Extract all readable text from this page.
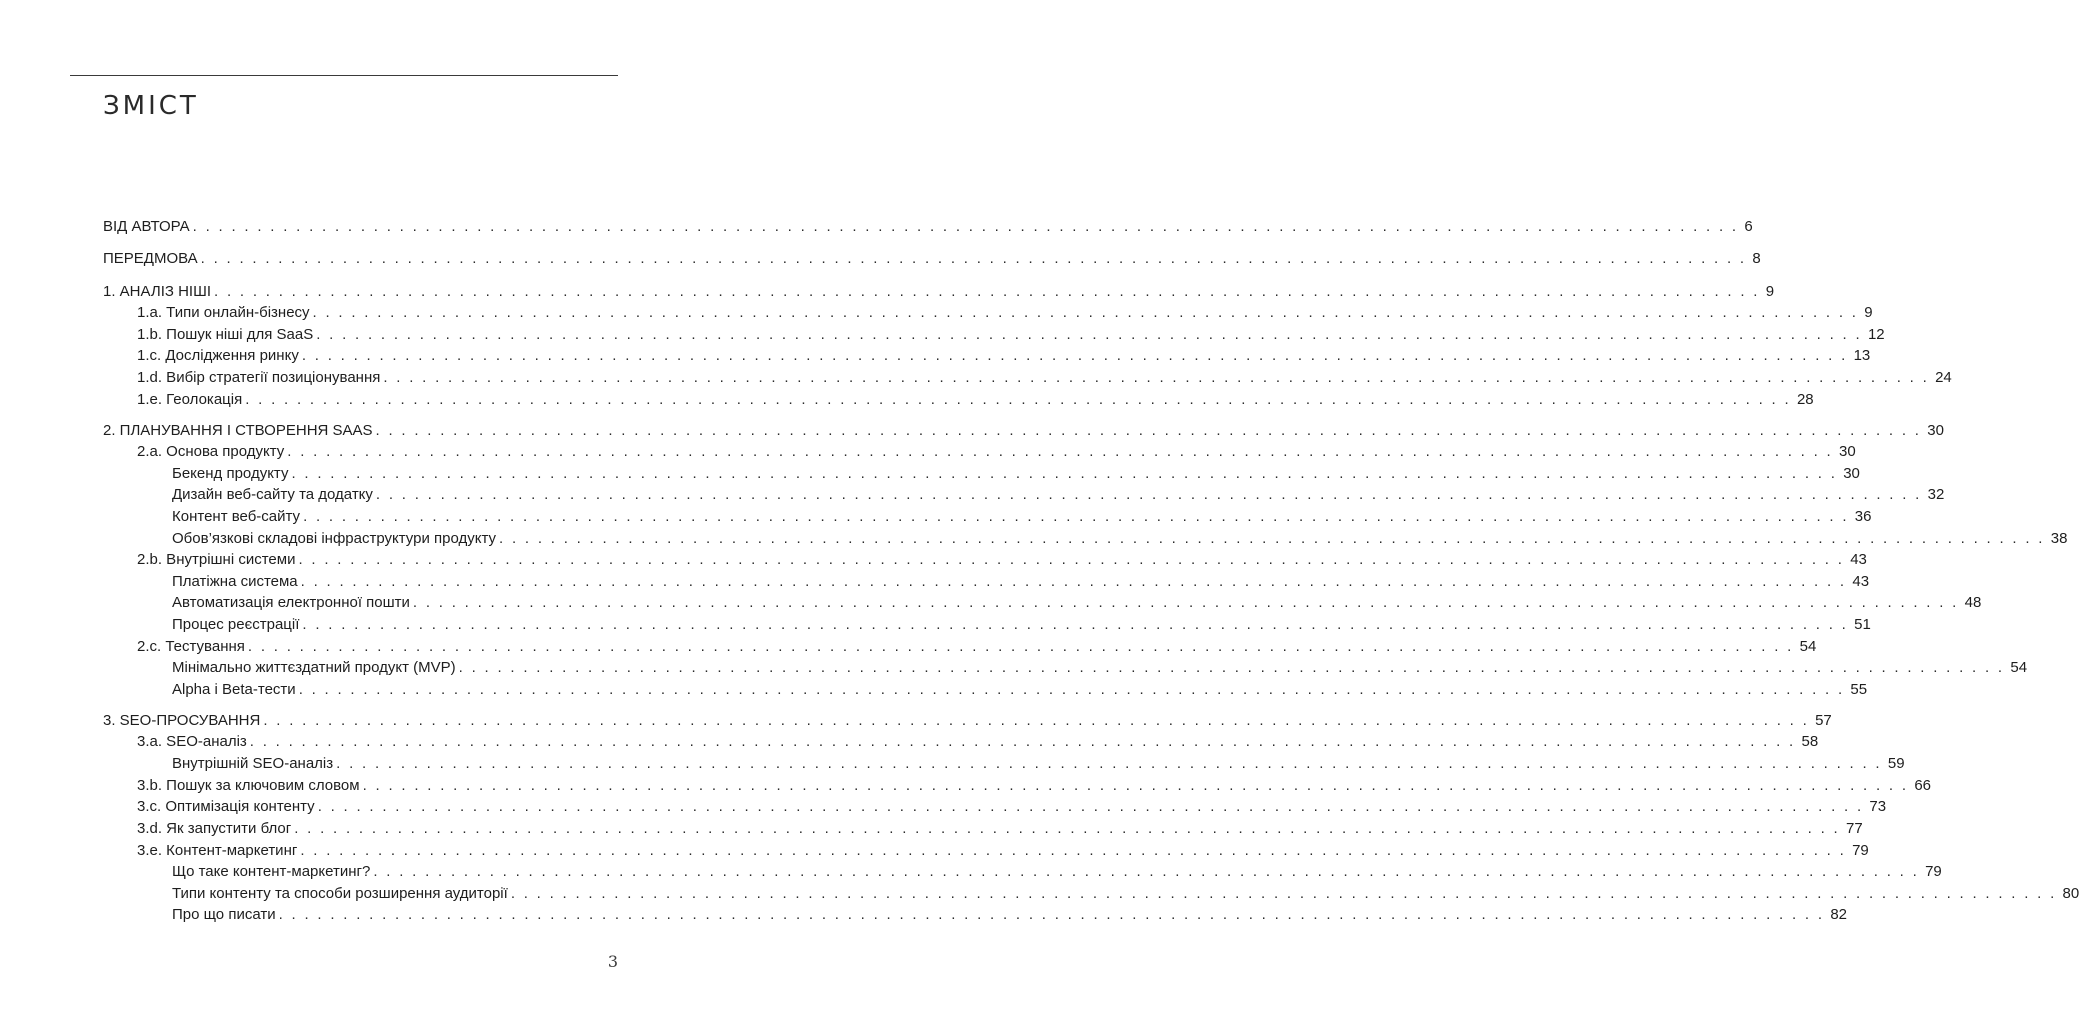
ЗМІСТ
ВІД АВТОРА . . . . . . . . . . . . . . . . . . . . . . . . . . . . . . . . . . . . . . . . . . . . . . . . . . . . . . . . . . . . . . . . . . . . . . . . . . . . . . . . . . . . . . . . . . . . . . . . . . . . . . . . . . . . . . . . . . . . . . . . 6
ПЕРЕДМОВА . . . . . . . . . . . . . . . . . . . . . . . . . . . . . . . . . . . . . . . . . . . . . . . . . . . . . . . . . . . . . . . . . . . . . . . . . . . . . . . . . . . . . . . . . . . . . . . . . . . . . . . . . . . . . . . . . . . . . . . . 8
1. АНАЛІЗ НІШІ . . . . . . . . . . . . . . . . . . . . . . . . . . . . . . . . . . . . . . . . . . . . . . . . . . . . . . . . . . . . . . . . . . . . . . . . . . . . . . . . . . . . . . . . . . . . . . . . . . . . . . . . . . . . . . . . . . . . . . . . 9
1.a. Типи онлайн-бізнесу . . . . . . . . . . . . . . . . . . . . . . . . . . . . . . . . . . . . . . . . . . . . . . . . . . . . . . . . . . . . . . . . . . . . . . . . . . . . . . . . . . . . . . . . . . . . . . . . . . . . . . . . . . . . . . . . . . . . . . . . 9
1.b. Пошук ніші для SaaS . . . . . . . . . . . . . . . . . . . . . . . . . . . . . . . . . . . . . . . . . . . . . . . . . . . . . . . . . . . . . . . . . . . . . . . . . . . . . . . . . . . . . . . . . . . . . . . . . . . . . . . . . . . . . . . . . . . . . . . . 12
1.c. Дослідження ринку . . . . . . . . . . . . . . . . . . . . . . . . . . . . . . . . . . . . . . . . . . . . . . . . . . . . . . . . . . . . . . . . . . . . . . . . . . . . . . . . . . . . . . . . . . . . . . . . . . . . . . . . . . . . . . . . . . . . . . . . 13
1.d. Вибір стратегії позиціонування . . . . . . . . . . . . . . . . . . . . . . . . . . . . . . . . . . . . . . . . . . . . . . . . . . . . . . . . . . . . . . . . . . . . . . . . . . . . . . . . . . . . . . . . . . . . . . . . . . . . . . . . . . . . . . . . . . . . . . . . 24
1.e. Геолокація . . . . . . . . . . . . . . . . . . . . . . . . . . . . . . . . . . . . . . . . . . . . . . . . . . . . . . . . . . . . . . . . . . . . . . . . . . . . . . . . . . . . . . . . . . . . . . . . . . . . . . . . . . . . . . . . . . . . . . . . 28
2. ПЛАНУВАННЯ І СТВОРЕННЯ SAAS . . . . . . . . . . . . . . . . . . . . . . . . . . . . . . . . . . . . . . . . . . . . . . . . . . . . . . . . . . . . . . . . . . . . . . . . . . . . . . . . . . . . . . . . . . . . . . . . . . . . . . . . . . . . . . . . . . . . . . . . 30
2.a. Основа продукту . . . . . . . . . . . . . . . . . . . . . . . . . . . . . . . . . . . . . . . . . . . . . . . . . . . . . . . . . . . . . . . . . . . . . . . . . . . . . . . . . . . . . . . . . . . . . . . . . . . . . . . . . . . . . . . . . . . . . . . . 30
Бекенд продукту . . . . . . . . . . . . . . . . . . . . . . . . . . . . . . . . . . . . . . . . . . . . . . . . . . . . . . . . . . . . . . . . . . . . . . . . . . . . . . . . . . . . . . . . . . . . . . . . . . . . . . . . . . . . . . . . . . . . . . . . 30
Дизайн веб-сайту та додатку . . . . . . . . . . . . . . . . . . . . . . . . . . . . . . . . . . . . . . . . . . . . . . . . . . . . . . . . . . . . . . . . . . . . . . . . . . . . . . . . . . . . . . . . . . . . . . . . . . . . . . . . . . . . . . . . . . . . . . . . 32
Контент веб-сайту . . . . . . . . . . . . . . . . . . . . . . . . . . . . . . . . . . . . . . . . . . . . . . . . . . . . . . . . . . . . . . . . . . . . . . . . . . . . . . . . . . . . . . . . . . . . . . . . . . . . . . . . . . . . . . . . . . . . . . . . 36
Обов’язкові складові інфраструктури продукту . . . . . . . . . . . . . . . . . . . . . . . . . . . . . . . . . . . . . . . . . . . . . . . . . . . . . . . . . . . . . . . . . . . . . . . . . . . . . . . . . . . . . . . . . . . . . . . . . . . . . . . . . . . . . . . . . . . . . . . . 38
2.b. Внутрішні системи . . . . . . . . . . . . . . . . . . . . . . . . . . . . . . . . . . . . . . . . . . . . . . . . . . . . . . . . . . . . . . . . . . . . . . . . . . . . . . . . . . . . . . . . . . . . . . . . . . . . . . . . . . . . . . . . . . . . . . . . 43
Платіжна система . . . . . . . . . . . . . . . . . . . . . . . . . . . . . . . . . . . . . . . . . . . . . . . . . . . . . . . . . . . . . . . . . . . . . . . . . . . . . . . . . . . . . . . . . . . . . . . . . . . . . . . . . . . . . . . . . . . . . . . . 43
Автоматизація електронної пошти . . . . . . . . . . . . . . . . . . . . . . . . . . . . . . . . . . . . . . . . . . . . . . . . . . . . . . . . . . . . . . . . . . . . . . . . . . . . . . . . . . . . . . . . . . . . . . . . . . . . . . . . . . . . . . . . . . . . . . . . 48
Процес реєстрації . . . . . . . . . . . . . . . . . . . . . . . . . . . . . . . . . . . . . . . . . . . . . . . . . . . . . . . . . . . . . . . . . . . . . . . . . . . . . . . . . . . . . . . . . . . . . . . . . . . . . . . . . . . . . . . . . . . . . . . . 51
2.c. Тестування . . . . . . . . . . . . . . . . . . . . . . . . . . . . . . . . . . . . . . . . . . . . . . . . . . . . . . . . . . . . . . . . . . . . . . . . . . . . . . . . . . . . . . . . . . . . . . . . . . . . . . . . . . . . . . . . . . . . . . . . 54
Мінімально життєздатний продукт (MVP) . . . . . . . . . . . . . . . . . . . . . . . . . . . . . . . . . . . . . . . . . . . . . . . . . . . . . . . . . . . . . . . . . . . . . . . . . . . . . . . . . . . . . . . . . . . . . . . . . . . . . . . . . . . . . . . . . . . . . . . . 54
Alpha і Beta-тести . . . . . . . . . . . . . . . . . . . . . . . . . . . . . . . . . . . . . . . . . . . . . . . . . . . . . . . . . . . . . . . . . . . . . . . . . . . . . . . . . . . . . . . . . . . . . . . . . . . . . . . . . . . . . . . . . . . . . . . . 55
3. SEO-ПРОСУВАННЯ . . . . . . . . . . . . . . . . . . . . . . . . . . . . . . . . . . . . . . . . . . . . . . . . . . . . . . . . . . . . . . . . . . . . . . . . . . . . . . . . . . . . . . . . . . . . . . . . . . . . . . . . . . . . . . . . . . . . . . . . 57
3.a. SEO-аналіз . . . . . . . . . . . . . . . . . . . . . . . . . . . . . . . . . . . . . . . . . . . . . . . . . . . . . . . . . . . . . . . . . . . . . . . . . . . . . . . . . . . . . . . . . . . . . . . . . . . . . . . . . . . . . . . . . . . . . . . . 58
Внутрішній SEO-аналіз . . . . . . . . . . . . . . . . . . . . . . . . . . . . . . . . . . . . . . . . . . . . . . . . . . . . . . . . . . . . . . . . . . . . . . . . . . . . . . . . . . . . . . . . . . . . . . . . . . . . . . . . . . . . . . . . . . . . . . . . 59
3.b. Пошук за ключовим словом . . . . . . . . . . . . . . . . . . . . . . . . . . . . . . . . . . . . . . . . . . . . . . . . . . . . . . . . . . . . . . . . . . . . . . . . . . . . . . . . . . . . . . . . . . . . . . . . . . . . . . . . . . . . . . . . . . . . . . . . 66
3.c. Оптимізація контенту . . . . . . . . . . . . . . . . . . . . . . . . . . . . . . . . . . . . . . . . . . . . . . . . . . . . . . . . . . . . . . . . . . . . . . . . . . . . . . . . . . . . . . . . . . . . . . . . . . . . . . . . . . . . . . . . . . . . . . . . 73
3.d. Як запустити блог . . . . . . . . . . . . . . . . . . . . . . . . . . . . . . . . . . . . . . . . . . . . . . . . . . . . . . . . . . . . . . . . . . . . . . . . . . . . . . . . . . . . . . . . . . . . . . . . . . . . . . . . . . . . . . . . . . . . . . . . 77
3.e. Контент-маркетинг . . . . . . . . . . . . . . . . . . . . . . . . . . . . . . . . . . . . . . . . . . . . . . . . . . . . . . . . . . . . . . . . . . . . . . . . . . . . . . . . . . . . . . . . . . . . . . . . . . . . . . . . . . . . . . . . . . . . . . . . 79
Що таке контент-маркетинг? . . . . . . . . . . . . . . . . . . . . . . . . . . . . . . . . . . . . . . . . . . . . . . . . . . . . . . . . . . . . . . . . . . . . . . . . . . . . . . . . . . . . . . . . . . . . . . . . . . . . . . . . . . . . . . . . . . . . . . . . 79
Типи контенту та способи розширення аудиторії . . . . . . . . . . . . . . . . . . . . . . . . . . . . . . . . . . . . . . . . . . . . . . . . . . . . . . . . . . . . . . . . . . . . . . . . . . . . . . . . . . . . . . . . . . . . . . . . . . . . . . . . . . . . . . . . . . . . . . . . 80
Про що писати . . . . . . . . . . . . . . . . . . . . . . . . . . . . . . . . . . . . . . . . . . . . . . . . . . . . . . . . . . . . . . . . . . . . . . . . . . . . . . . . . . . . . . . . . . . . . . . . . . . . . . . . . . . . . . . . . . . . . . . . 82
3
